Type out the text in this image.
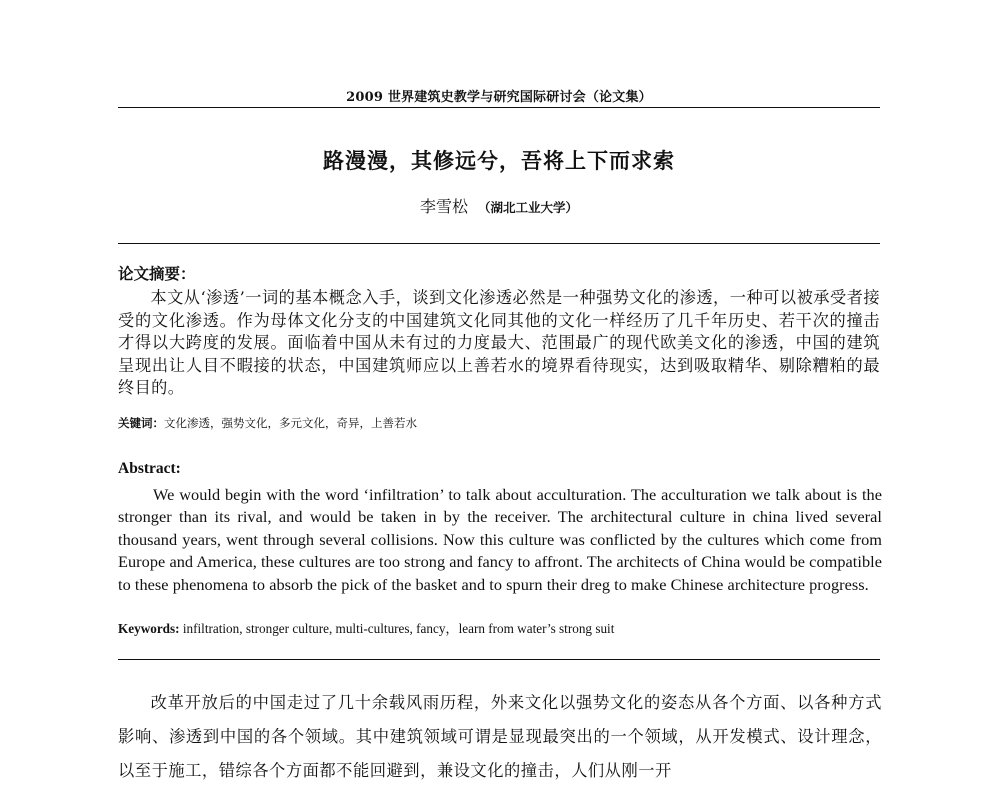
2009 世界建筑史教学与研究国际研讨会（论文集）
路漫漫，其修远兮，吾将上下而求索
李雪松 （湖北工业大学）
论文摘要：
本文从‘渗透’一词的基本概念入手，谈到文化渗透必然是一种强势文化的渗透，一种可以被承受者接受的文化渗透。作为母体文化分支的中国建筑文化同其他的文化一样经历了几千年历史、若干次的撞击才得以大跨度的发展。面临着中国从未有过的力度最大、范围最广的现代欧美文化的渗透，中国的建筑呈现出让人目不暇接的状态，中国建筑师应以上善若水的境界看待现实，达到吸取精华、剔除糟粕的最终目的。
关键词：文化渗透，强势文化，多元文化，奇异，上善若水
Abstract:
We would begin with the word ‘infiltration’ to talk about acculturation. The acculturation we talk about is the stronger than its rival, and would be taken in by the receiver. The architectural culture in china lived several thousand years, went through several collisions. Now this culture was conflicted by the cultures which come from Europe and America, these cultures are too strong and fancy to affront. The architects of China would be compatible to these phenomena to absorb the pick of the basket and to spurn their dreg to make Chinese architecture progress.
Keywords: infiltration, stronger culture, multi-cultures, fancy，learn from water’s strong suit
改革开放后的中国走过了几十余载风雨历程，外来文化以强势文化的姿态从各个方面、以各种方式影响、渗透到中国的各个领域。其中建筑领域可谓是显现最突出的一个领域，从开发模式、设计理念，以至于施工，错综各个方面都不能回避到，兼设文化的撞击，人们从刚一开
